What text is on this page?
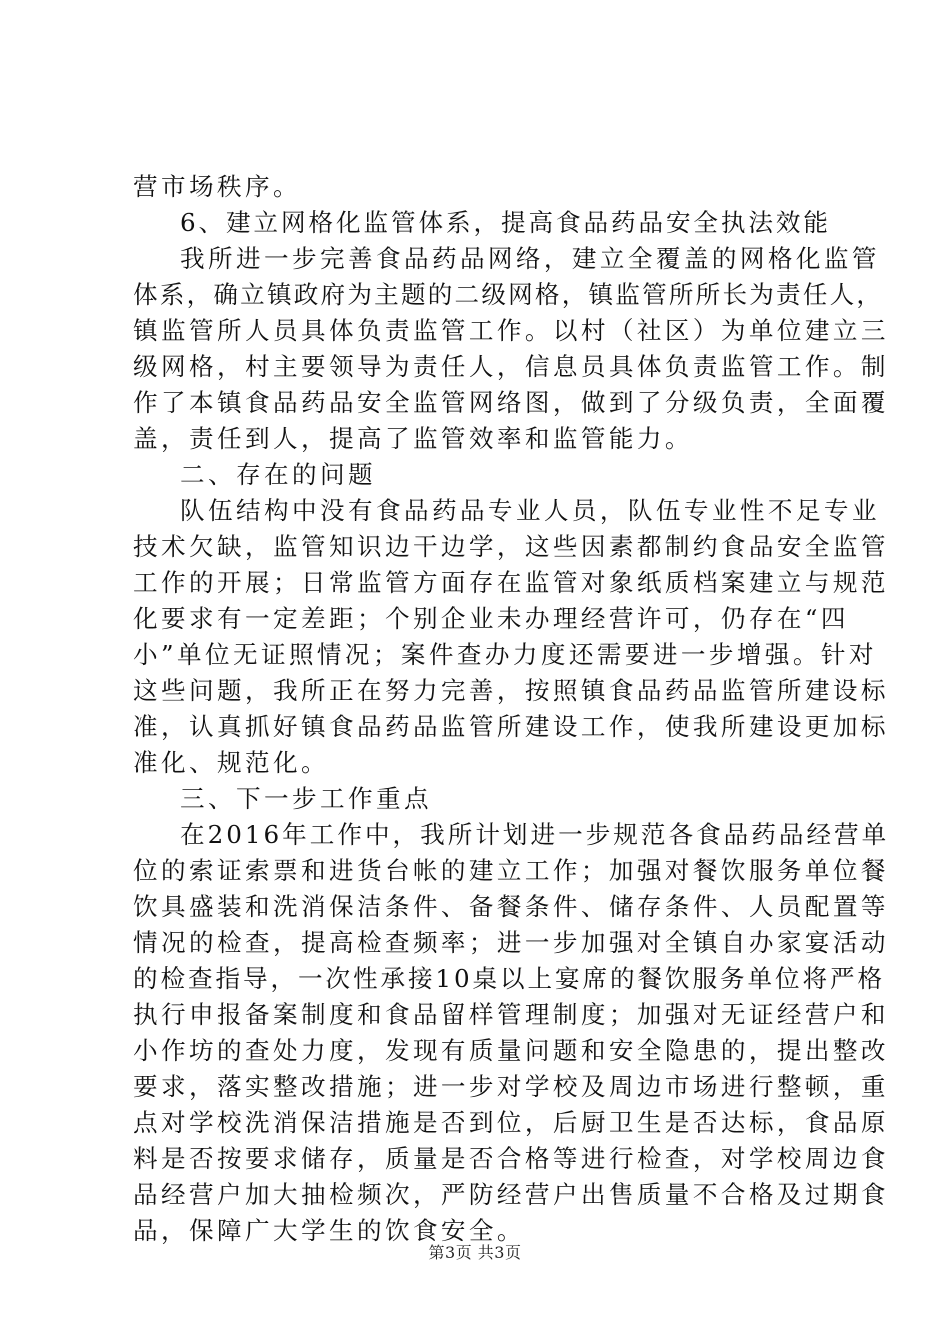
营市场秩序。
6、建立网格化监管体系，提高食品药品安全执法效能
我所进一步完善食品药品网络，建立全覆盖的网格化监管
体系，确立镇政府为主题的二级网格，镇监管所所长为责任人，
镇监管所人员具体负责监管工作。以村（社区）为单位建立三
级网格，村主要领导为责任人，信息员具体负责监管工作。制
作了本镇食品药品安全监管网络图，做到了分级负责，全面覆
盖，责任到人，提高了监管效率和监管能力。
二、存在的问题
队伍结构中没有食品药品专业人员，队伍专业性不足专业
技术欠缺，监管知识边干边学，这些因素都制约食品安全监管
工作的开展；日常监管方面存在监管对象纸质档案建立与规范
化要求有一定差距；个别企业未办理经营许可，仍存在“四
小”单位无证照情况；案件查办力度还需要进一步增强。针对
这些问题，我所正在努力完善，按照镇食品药品监管所建设标
准，认真抓好镇食品药品监管所建设工作，使我所建设更加标
准化、规范化。
三、下一步工作重点
在2016年工作中，我所计划进一步规范各食品药品经营单
位的索证索票和进货台帐的建立工作；加强对餐饮服务单位餐
饮具盛装和洗消保洁条件、备餐条件、储存条件、人员配置等
情况的检查，提高检查频率；进一步加强对全镇自办家宴活动
的检查指导，一次性承接10桌以上宴席的餐饮服务单位将严格
执行申报备案制度和食品留样管理制度；加强对无证经营户和
小作坊的查处力度，发现有质量问题和安全隐患的，提出整改
要求，落实整改措施；进一步对学校及周边市场进行整顿，重
点对学校洗消保洁措施是否到位，后厨卫生是否达标，食品原
料是否按要求储存，质量是否合格等进行检查，对学校周边食
品经营户加大抽检频次，严防经营户出售质量不合格及过期食
品，保障广大学生的饮食安全。
第3页 共3页
